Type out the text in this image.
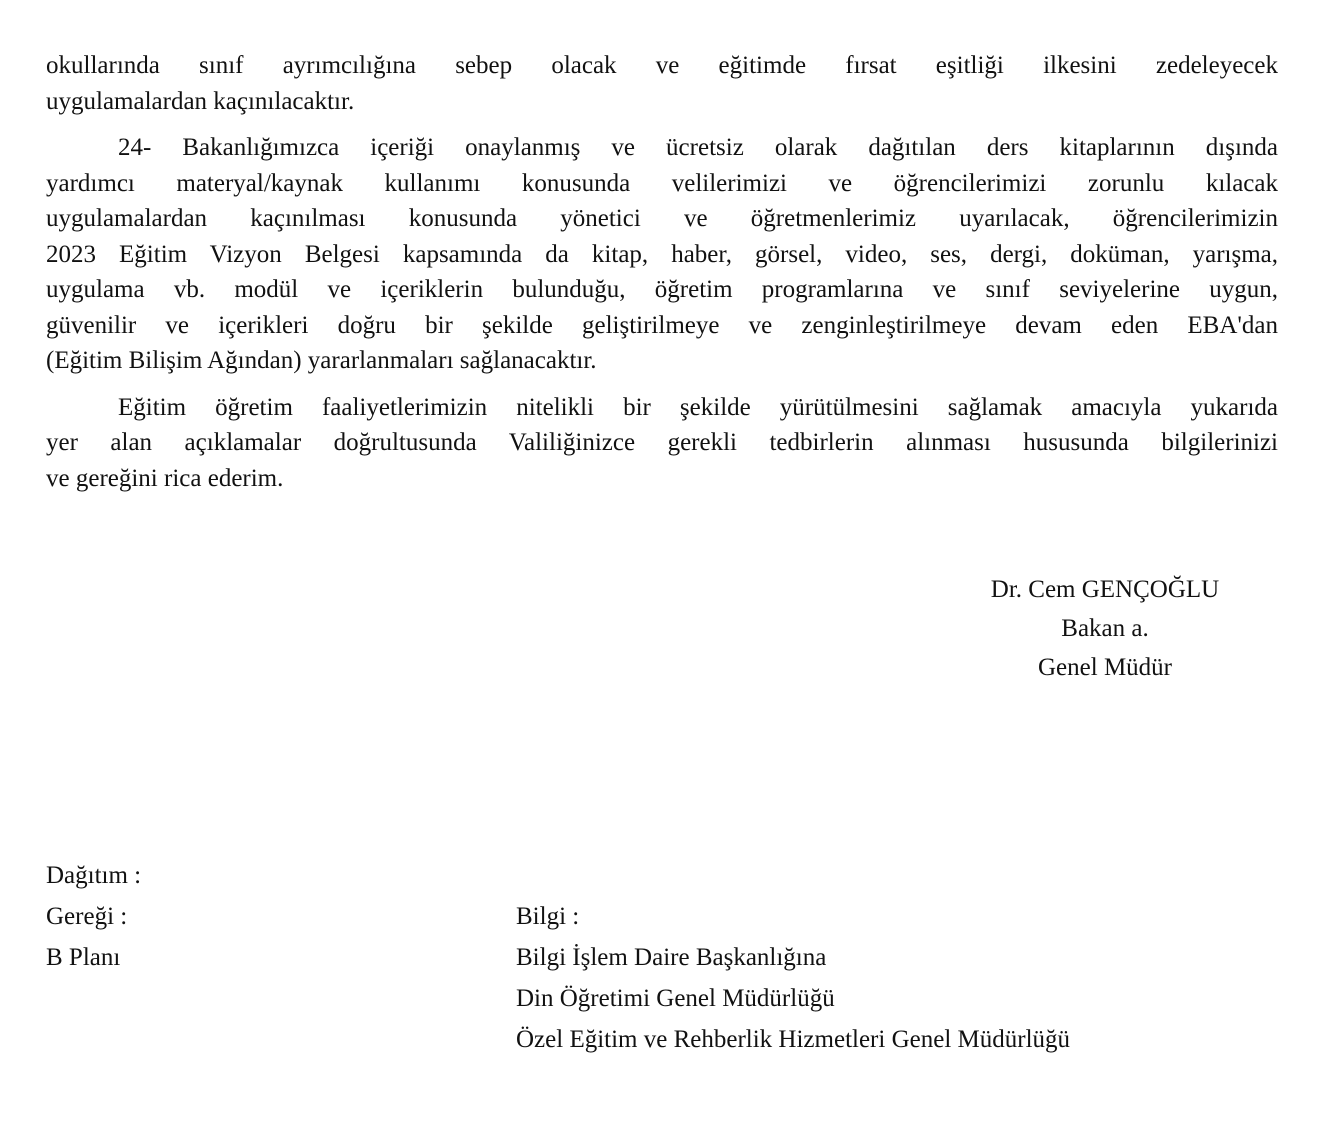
okullarında sınıf ayrımcılığına sebep olacak ve eğitimde fırsat eşitliği ilkesini zedeleyecek
uygulamalardan kaçınılacaktır.

24- Bakanlığımızca içeriği onaylanmış ve ücretsiz olarak dağıtılan ders kitaplarının dışında
yardımcı materyal/kaynak kullanımı konusunda velilerimizi ve öğrencilerimizi zorunlu kılacak
uygulamalardan kaçınılması konusunda yönetici ve öğretmenlerimiz uyarılacak, öğrencilerimizin
2023 Eğitim Vizyon Belgesi kapsamında da kitap, haber, görsel, video, ses, dergi, doküman, yarışma,
uygulama vb. modül ve içeriklerin bulunduğu, öğretim programlarına ve sınıf seviyelerine uygun,
güvenilir ve içerikleri doğru bir şekilde geliştirilmeye ve zenginleştirilmeye devam eden EBA'dan
(Eğitim Bilişim Ağından) yararlanmaları sağlanacaktır.

Eğitim öğretim faaliyetlerimizin nitelikli bir şekilde yürütülmesini sağlamak amacıyla yukarıda
yer alan açıklamalar doğrultusunda Valiliğinizce gerekli tedbirlerin alınması hususunda bilgilerinizi
ve gereğini rica ederim.

Dr. Cem GENÇOĞLU
Bakan a.
Genel Müdür
Dağıtım :
Gereği :
B Planı
Bilgi :
Bilgi İşlem Daire Başkanlığına
Din Öğretimi Genel Müdürlüğü
Özel Eğitim ve Rehberlik Hizmetleri Genel Müdürlüğü
